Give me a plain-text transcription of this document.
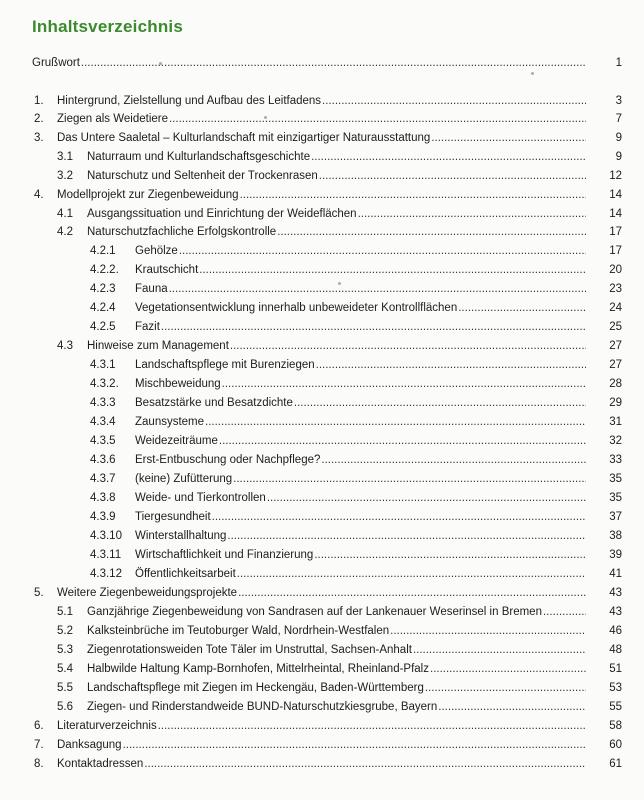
Inhaltsverzeichnis
Grußwort .....	1
1. Hintergrund, Zielstellung und Aufbau des Leitfadens .....	3
2. Ziegen als Weidetiere .....	7
3. Das Untere Saaletal – Kulturlandschaft mit einzigartiger Naturausstattung .....	9
3.1 Naturraum und Kulturlandschaftsgeschichte .....	9
3.2 Naturschutz und Seltenheit der Trockenrasen .....	12
4. Modellprojekt zur Ziegenbeweidung .....	14
4.1 Ausgangssituation und Einrichtung der Weideflächen .....	14
4.2 Naturschutzfachliche Erfolgskontrolle .....	17
4.2.1 Gehölze .....	17
4.2.2. Krautschicht .....	20
4.2.3 Fauna .....	23
4.2.4 Vegetationsentwicklung innerhalb unbeweideter Kontrollflächen .....	24
4.2.5 Fazit .....	25
4.3 Hinweise zum Management .....	27
4.3.1 Landschaftspflege mit Burenziegen .....	27
4.3.2. Mischbeweidung .....	28
4.3.3 Besatzstärke und Besatzdichte .....	29
4.3.4 Zaunsysteme .....	31
4.3.5 Weidezeiträume .....	32
4.3.6 Erst-Entbuschung oder Nachpflege? .....	33
4.3.7 (keine) Zufütterung .....	35
4.3.8 Weide- und Tierkontrollen .....	35
4.3.9 Tiergesundheit .....	37
4.3.10 Winterstallhaltung .....	38
4.3.11 Wirtschaftlichkeit und Finanzierung .....	39
4.3.12 Öffentlichkeitsarbeit .....	41
5. Weitere Ziegenbeweidungsprojekte .....	43
5.1 Ganzjährige Ziegenbeweidung von Sandrasen auf der Lankenauer Weserinsel in Bremen .....	43
5.2 Kalksteinbrüche im Teutoburger Wald, Nordrhein-Westfalen .....	46
5.3 Ziegenrotationsweiden Tote Täler im Unstruttal, Sachsen-Anhalt .....	48
5.4 Halbwilde Haltung Kamp-Bornhofen, Mittelrheintal, Rheinland-Pfalz .....	51
5.5 Landschaftspflege mit Ziegen im Heckengäu, Baden-Württemberg .....	53
5.6 Ziegen- und Rinderstandweide BUND-Naturschutzkiesgrube, Bayern .....	55
6. Literaturverzeichnis .....	58
7. Danksagung .....	60
8. Kontaktadressen .....	61
